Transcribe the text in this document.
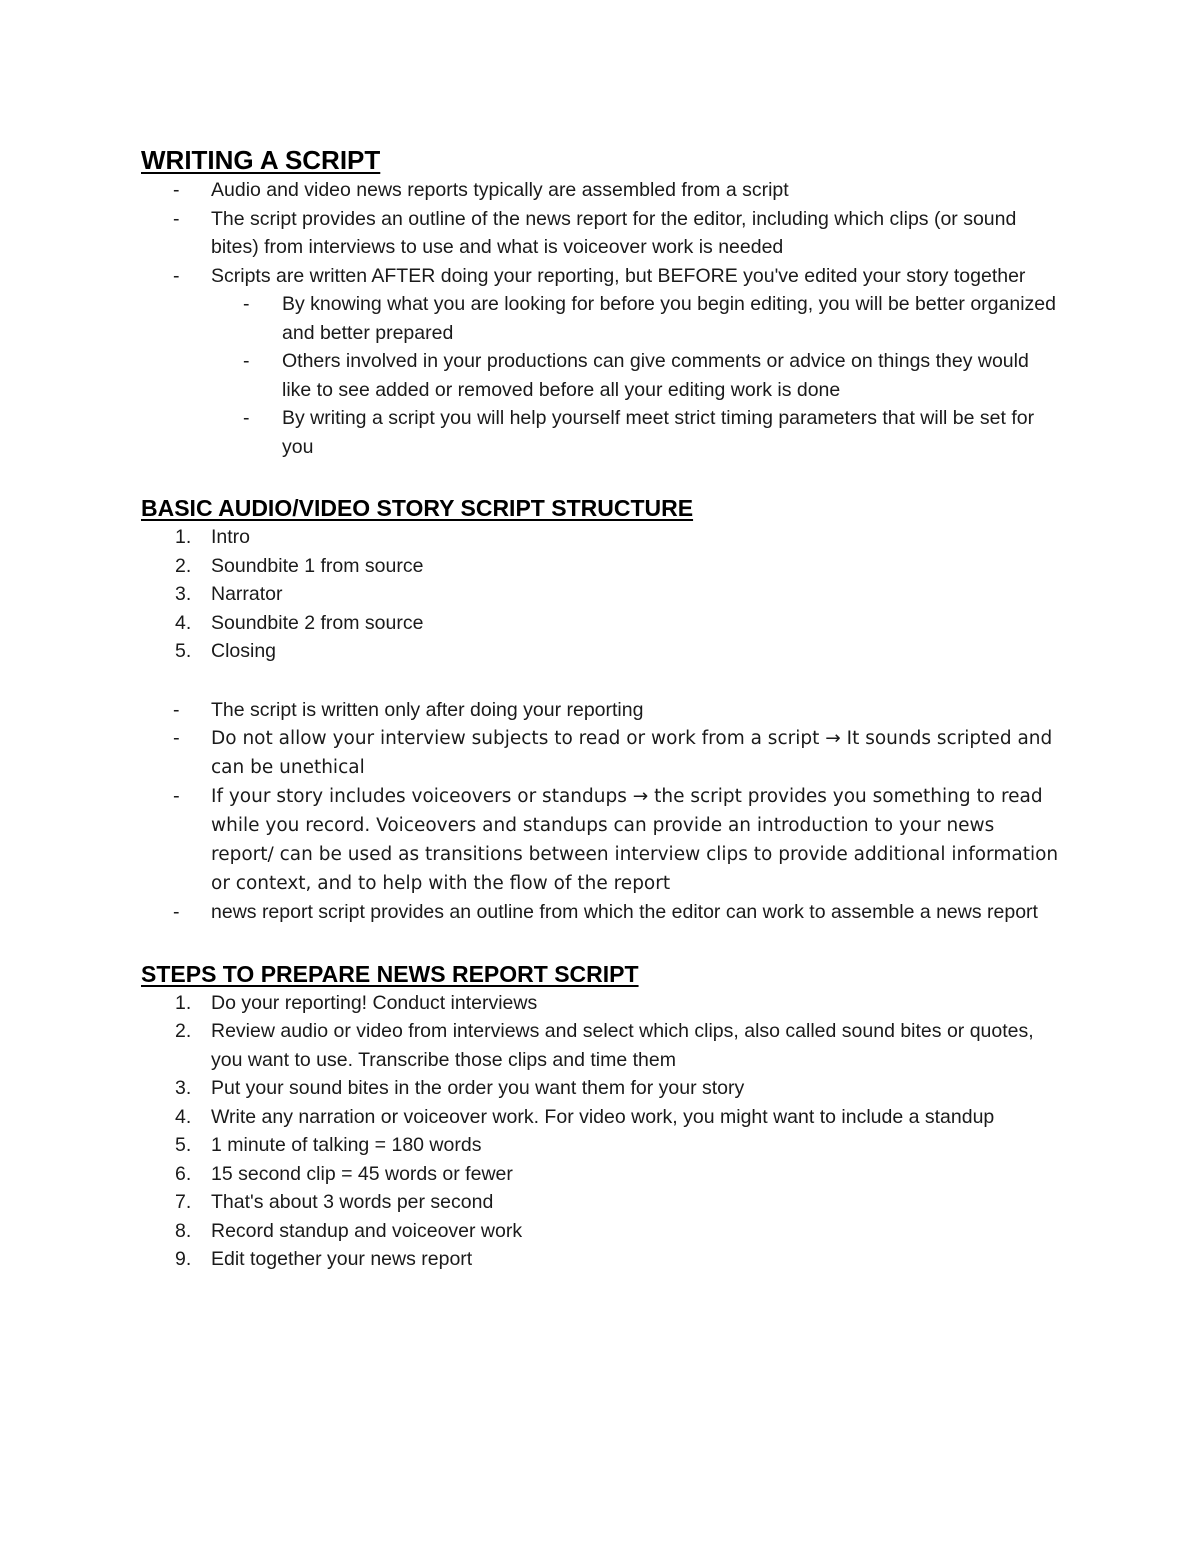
WRITING A SCRIPT
- Audio and video news reports typically are assembled from a script
- The script provides an outline of the news report for the editor, including which clips (or sound bites) from interviews to use and what is voiceover work is needed
- Scripts are written AFTER doing your reporting, but BEFORE you've edited your story together
- By knowing what you are looking for before you begin editing, you will be better organized and better prepared
- Others involved in your productions can give comments or advice on things they would like to see added or removed before all your editing work is done
- By writing a script you will help yourself meet strict timing parameters that will be set for you
BASIC AUDIO/VIDEO STORY SCRIPT STRUCTURE
1. Intro
2. Soundbite 1 from source
3. Narrator
4. Soundbite 2 from source
5. Closing
- The script is written only after doing your reporting
- Do not allow your interview subjects to read or work from a script → It sounds scripted and can be unethical
- If your story includes voiceovers or standups → the script provides you something to read while you record. Voiceovers and standups can provide an introduction to your news report/ can be used as transitions between interview clips to provide additional information or context, and to help with the flow of the report
- news report script provides an outline from which the editor can work to assemble a news report
STEPS TO PREPARE NEWS REPORT SCRIPT
1. Do your reporting! Conduct interviews
2. Review audio or video from interviews and select which clips, also called sound bites or quotes, you want to use. Transcribe those clips and time them
3. Put your sound bites in the order you want them for your story
4. Write any narration or voiceover work. For video work, you might want to include a standup
5. 1 minute of talking = 180 words
6. 15 second clip = 45 words or fewer
7. That's about 3 words per second
8. Record standup and voiceover work
9. Edit together your news report
